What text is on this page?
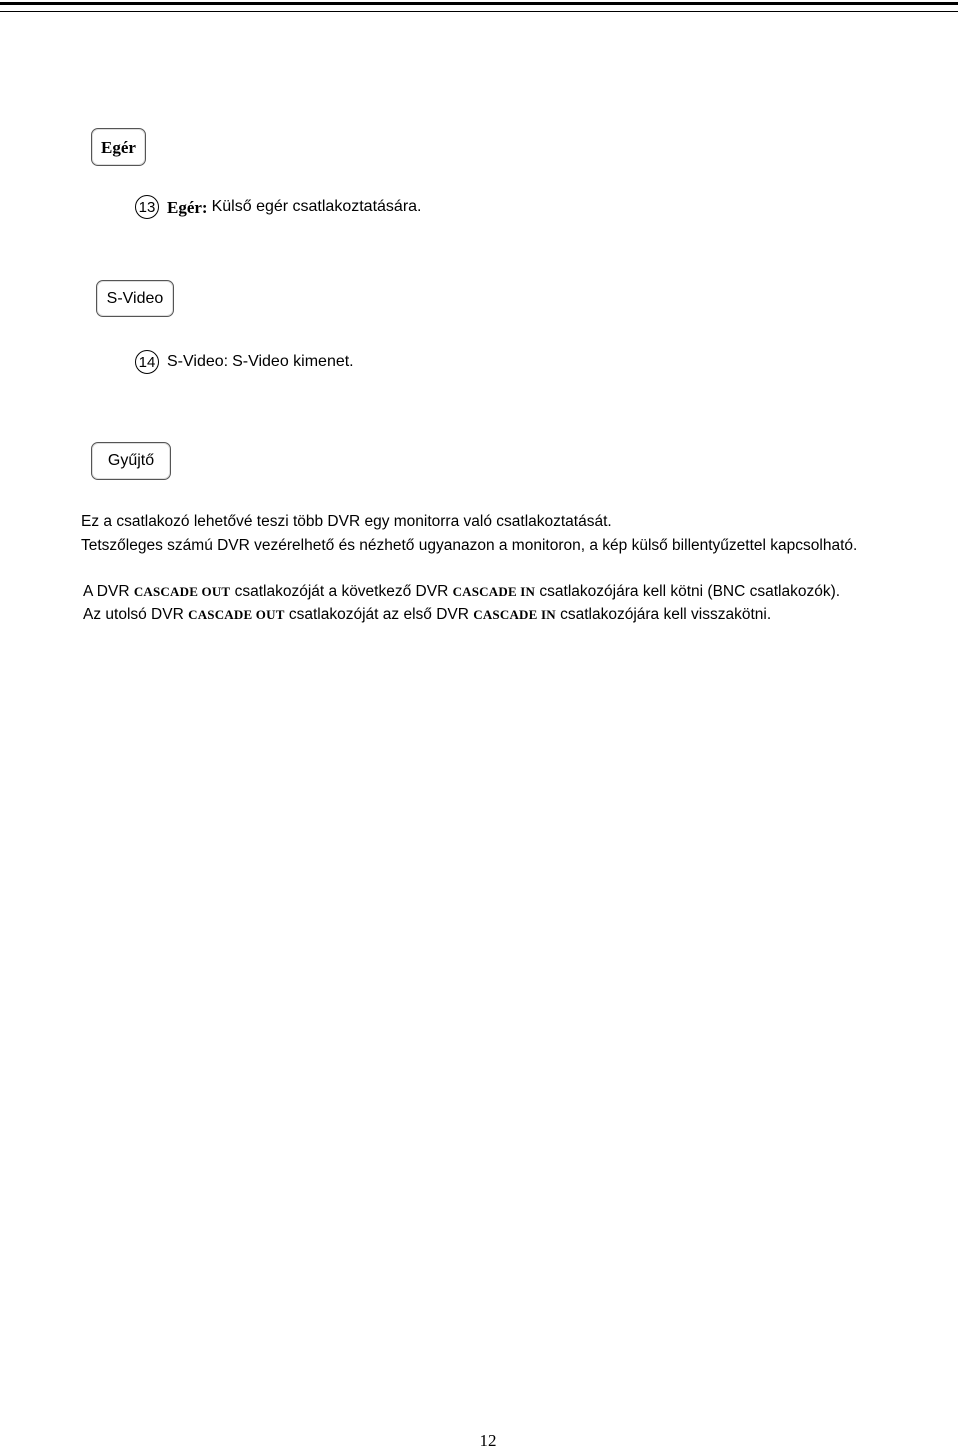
Egér
13 Egér: Külső egér csatlakoztatására.
S-Video
14 S-Video: S-Video kimenet.
Gyűjtő
Ez a csatlakozó lehetővé teszi több DVR egy monitorra való csatlakoztatását.
Tetszőleges számú DVR vezérelhető és nézhető ugyanazon a monitoron, a kép külső billentyűzettel kapcsolható.
A DVR CASCADE OUT csatlakozóját a következő DVR CASCADE IN csatlakozójára kell kötni (BNC csatlakozók).
Az utolsó DVR CASCADE OUT csatlakozóját az első DVR CASCADE IN csatlakozójára kell visszakötni.
12
